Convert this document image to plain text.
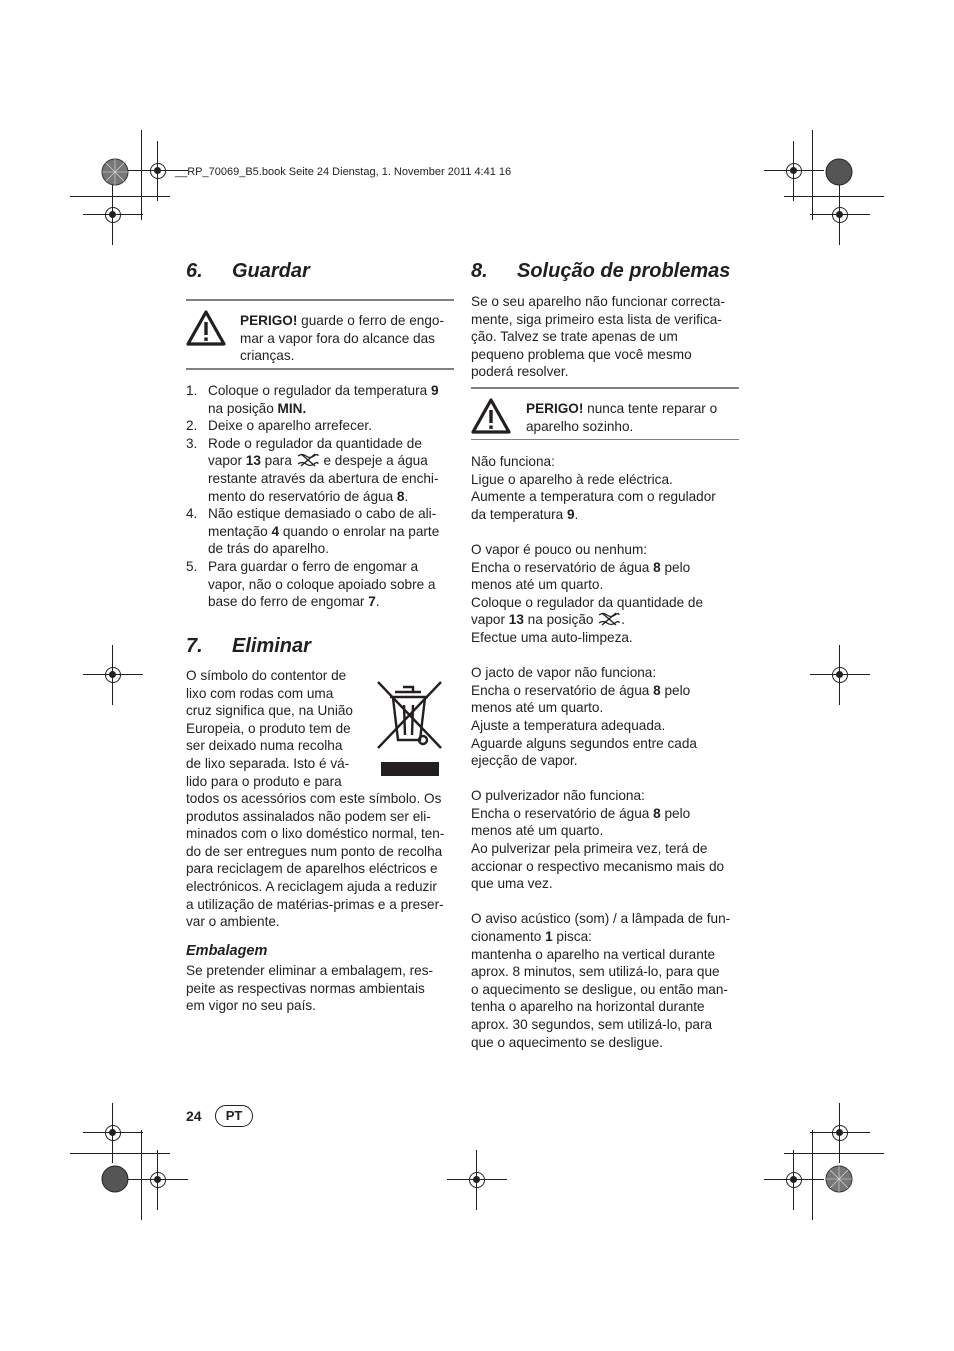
__RP_70069_B5.book Seite 24 Dienstag, 1. November 2011 4:41 16
6. Guardar
PERIGO! guarde o ferro de engo-
mar a vapor fora do alcance das
crianças.
1. Coloque o regulador da temperatura 9
na posição MIN.
2. Deixe o aparelho arrefecer.
3. Rode o regulador da quantidade de
vapor 13 para  e despeje a água
restante através da abertura de enchi-
mento do reservatório de água 8.
4. Não estique demasiado o cabo de ali-
mentação 4 quando o enrolar na parte
de trás do aparelho.
5. Para guardar o ferro de engomar a
vapor, não o coloque apoiado sobre a
base do ferro de engomar 7.
7. Eliminar
O símbolo do contentor de
lixo com rodas com uma
cruz significa que, na União
Europeia, o produto tem de
ser deixado numa recolha
de lixo separada. Isto é vá-
lido para o produto e para
todos os acessórios com este símbolo. Os
produtos assinalados não podem ser eli-
minados com o lixo doméstico normal, ten-
do de ser entregues num ponto de recolha
para reciclagem de aparelhos eléctricos e
electrónicos. A reciclagem ajuda a reduzir
a utilização de matérias-primas e a preser-
var o ambiente.
Embalagem
Se pretender eliminar a embalagem, res-
peite as respectivas normas ambientais
em vigor no seu país.
8. Solução de problemas
Se o seu aparelho não funcionar correcta-
mente, siga primeiro esta lista de verifica-
ção. Talvez se trate apenas de um
pequeno problema que você mesmo
poderá resolver.
PERIGO! nunca tente reparar o
aparelho sozinho.
Não funciona:
Ligue o aparelho à rede eléctrica.
Aumente a temperatura com o regulador
da temperatura 9.
O vapor é pouco ou nenhum:
Encha o reservatório de água 8 pelo
menos até um quarto.
Coloque o regulador da quantidade de
vapor 13 na posição .
Efectue uma auto-limpeza.
O jacto de vapor não funciona:
Encha o reservatório de água 8 pelo
menos até um quarto.
Ajuste a temperatura adequada.
Aguarde alguns segundos entre cada
ejecção de vapor.
O pulverizador não funciona:
Encha o reservatório de água 8 pelo
menos até um quarto.
Ao pulverizar pela primeira vez, terá de
accionar o respectivo mecanismo mais do
que uma vez.
O aviso acústico (som) / a lâmpada de fun-
cionamento 1 pisca:
mantenha o aparelho na vertical durante
aprox. 8 minutos, sem utilizá-lo, para que
o aquecimento se desligue, ou então man-
tenha o aparelho na horizontal durante
aprox. 30 segundos, sem utilizá-lo, para
que o aquecimento se desligue.
24	PT
